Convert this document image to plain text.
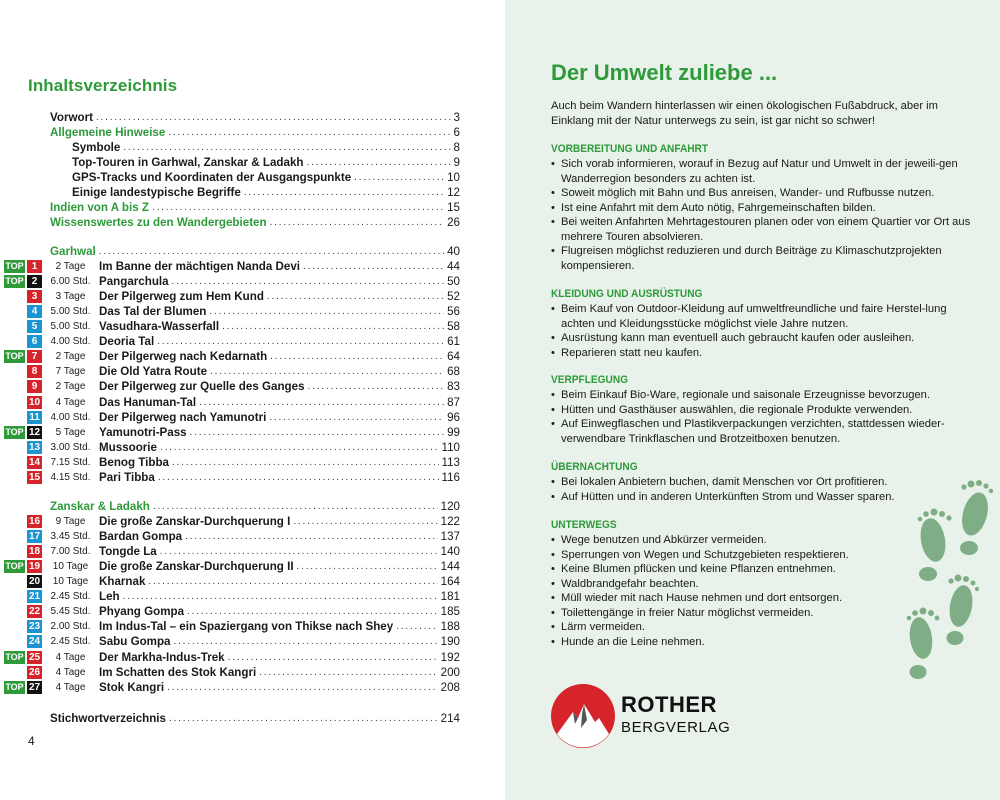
Inhaltsverzeichnis
Vorwort .....	3
Allgemeine Hinweise .....	6
Symbole .....	8
Top-Touren in Garhwal, Zanskar & Ladakh .....	9
GPS-Tracks und Koordinaten der Ausgangspunkte .....	10
Einige landestypische Begriffe .....	12
Indien von A bis Z .....	15
Wissenswertes zu den Wandergebieten .....	26
Garhwal .....	40
TOP 1	2 Tage	Im Banne der mächtigen Nanda Devi .....	44
TOP 2	6.00 Std. Pangarchula .....	50
3	3 Tage	Der Pilgerweg zum Hem Kund .....	52
4	5.00 Std. Das Tal der Blumen .....	56
5	5.00 Std. Vasudhara-Wasserfall .....	58
6	4.00 Std. Deoria Tal .....	61
TOP 7	2 Tage	Der Pilgerweg nach Kedarnath .....	64
8	7 Tage	Die Old Yatra Route .....	68
9	2 Tage	Der Pilgerweg zur Quelle des Ganges .....	83
10	4 Tage	Das Hanuman-Tal .....	87
11 4.00 Std. Der Pilgerweg nach Yamunotri .....	96
TOP 12	5 Tage	Yamunotri-Pass .....	99
13 3.00 Std. Mussoorie .....	110
14 7.15 Std. Benog Tibba .....	113
15 4.15 Std. Pari Tibba .....	116
Zanskar & Ladakh .....	120
16	9 Tage	Die große Zanskar-Durchquerung I .....	122
17 3.45 Std. Bardan Gompa .....	137
18 7.00 Std. Tongde La .....	140
TOP 19	10 Tage Die große Zanskar-Durchquerung II .....	144
20	10 Tage Kharnak .....	164
21 2.45 Std. Leh .....	181
22 5.45 Std. Phyang Gompa .....	185
23 2.00 Std. Im Indus-Tal – ein Spaziergang von Thikse nach Shey .....	188
24 2.45 Std. Sabu Gompa .....	190
TOP 25	4 Tage	Der Markha-Indus-Trek .....	192
26	4 Tage	Im Schatten des Stok Kangri .....	200
TOP 27	4 Tage	Stok Kangri .....	208
Stichwortverzeichnis .....	214
4
Der Umwelt zuliebe ...
Auch beim Wandern hinterlassen wir einen ökologischen Fußabdruck, aber im Einklang mit der Natur unterwegs zu sein, ist gar nicht so schwer!
VORBEREITUNG UND ANFAHRT
• Sich vorab informieren, worauf in Bezug auf Natur und Umwelt in der jeweili-gen Wanderregion besonders zu achten ist.
• Soweit möglich mit Bahn und Bus anreisen, Wander- und Rufbusse nutzen.
• Ist eine Anfahrt mit dem Auto nötig, Fahrgemeinschaften bilden.
• Bei weiten Anfahrten Mehrtagestouren planen oder von einem Quartier vor Ort aus mehrere Touren absolvieren.
• Flugreisen möglichst reduzieren und durch Beiträge zu Klimaschutzprojekten kompensieren.
KLEIDUNG UND AUSRÜSTUNG
• Beim Kauf von Outdoor-Kleidung auf umweltfreundliche und faire Herstel-lung achten und Kleidungsstücke möglichst viele Jahre nutzen.
• Ausrüstung kann man eventuell auch gebraucht kaufen oder ausleihen.
• Reparieren statt neu kaufen.
VERPFLEGUNG
• Beim Einkauf Bio-Ware, regionale und saisonale Erzeugnisse bevorzugen.
• Hütten und Gasthäuser auswählen, die regionale Produkte verwenden.
• Auf Einwegflaschen und Plastikverpackungen verzichten, stattdessen wieder-verwendbare Trinkflaschen und Brotzeitboxen benutzen.
ÜBERNACHTUNG
• Bei lokalen Anbietern buchen, damit Menschen vor Ort profitieren.
• Auf Hütten und in anderen Unterkünften Strom und Wasser sparen.
UNTERWEGS
• Wege benutzen und Abkürzer vermeiden.
• Sperrungen von Wegen und Schutzgebieten respektieren.
• Keine Blumen pflücken und keine Pflanzen entnehmen.
• Waldbrandgefahr beachten.
• Müll wieder mit nach Hause nehmen und dort entsorgen.
• Toilettengänge in freier Natur möglichst vermeiden.
• Lärm vermeiden.
• Hunde an die Leine nehmen.
ROTHER
BERGVERLAG
